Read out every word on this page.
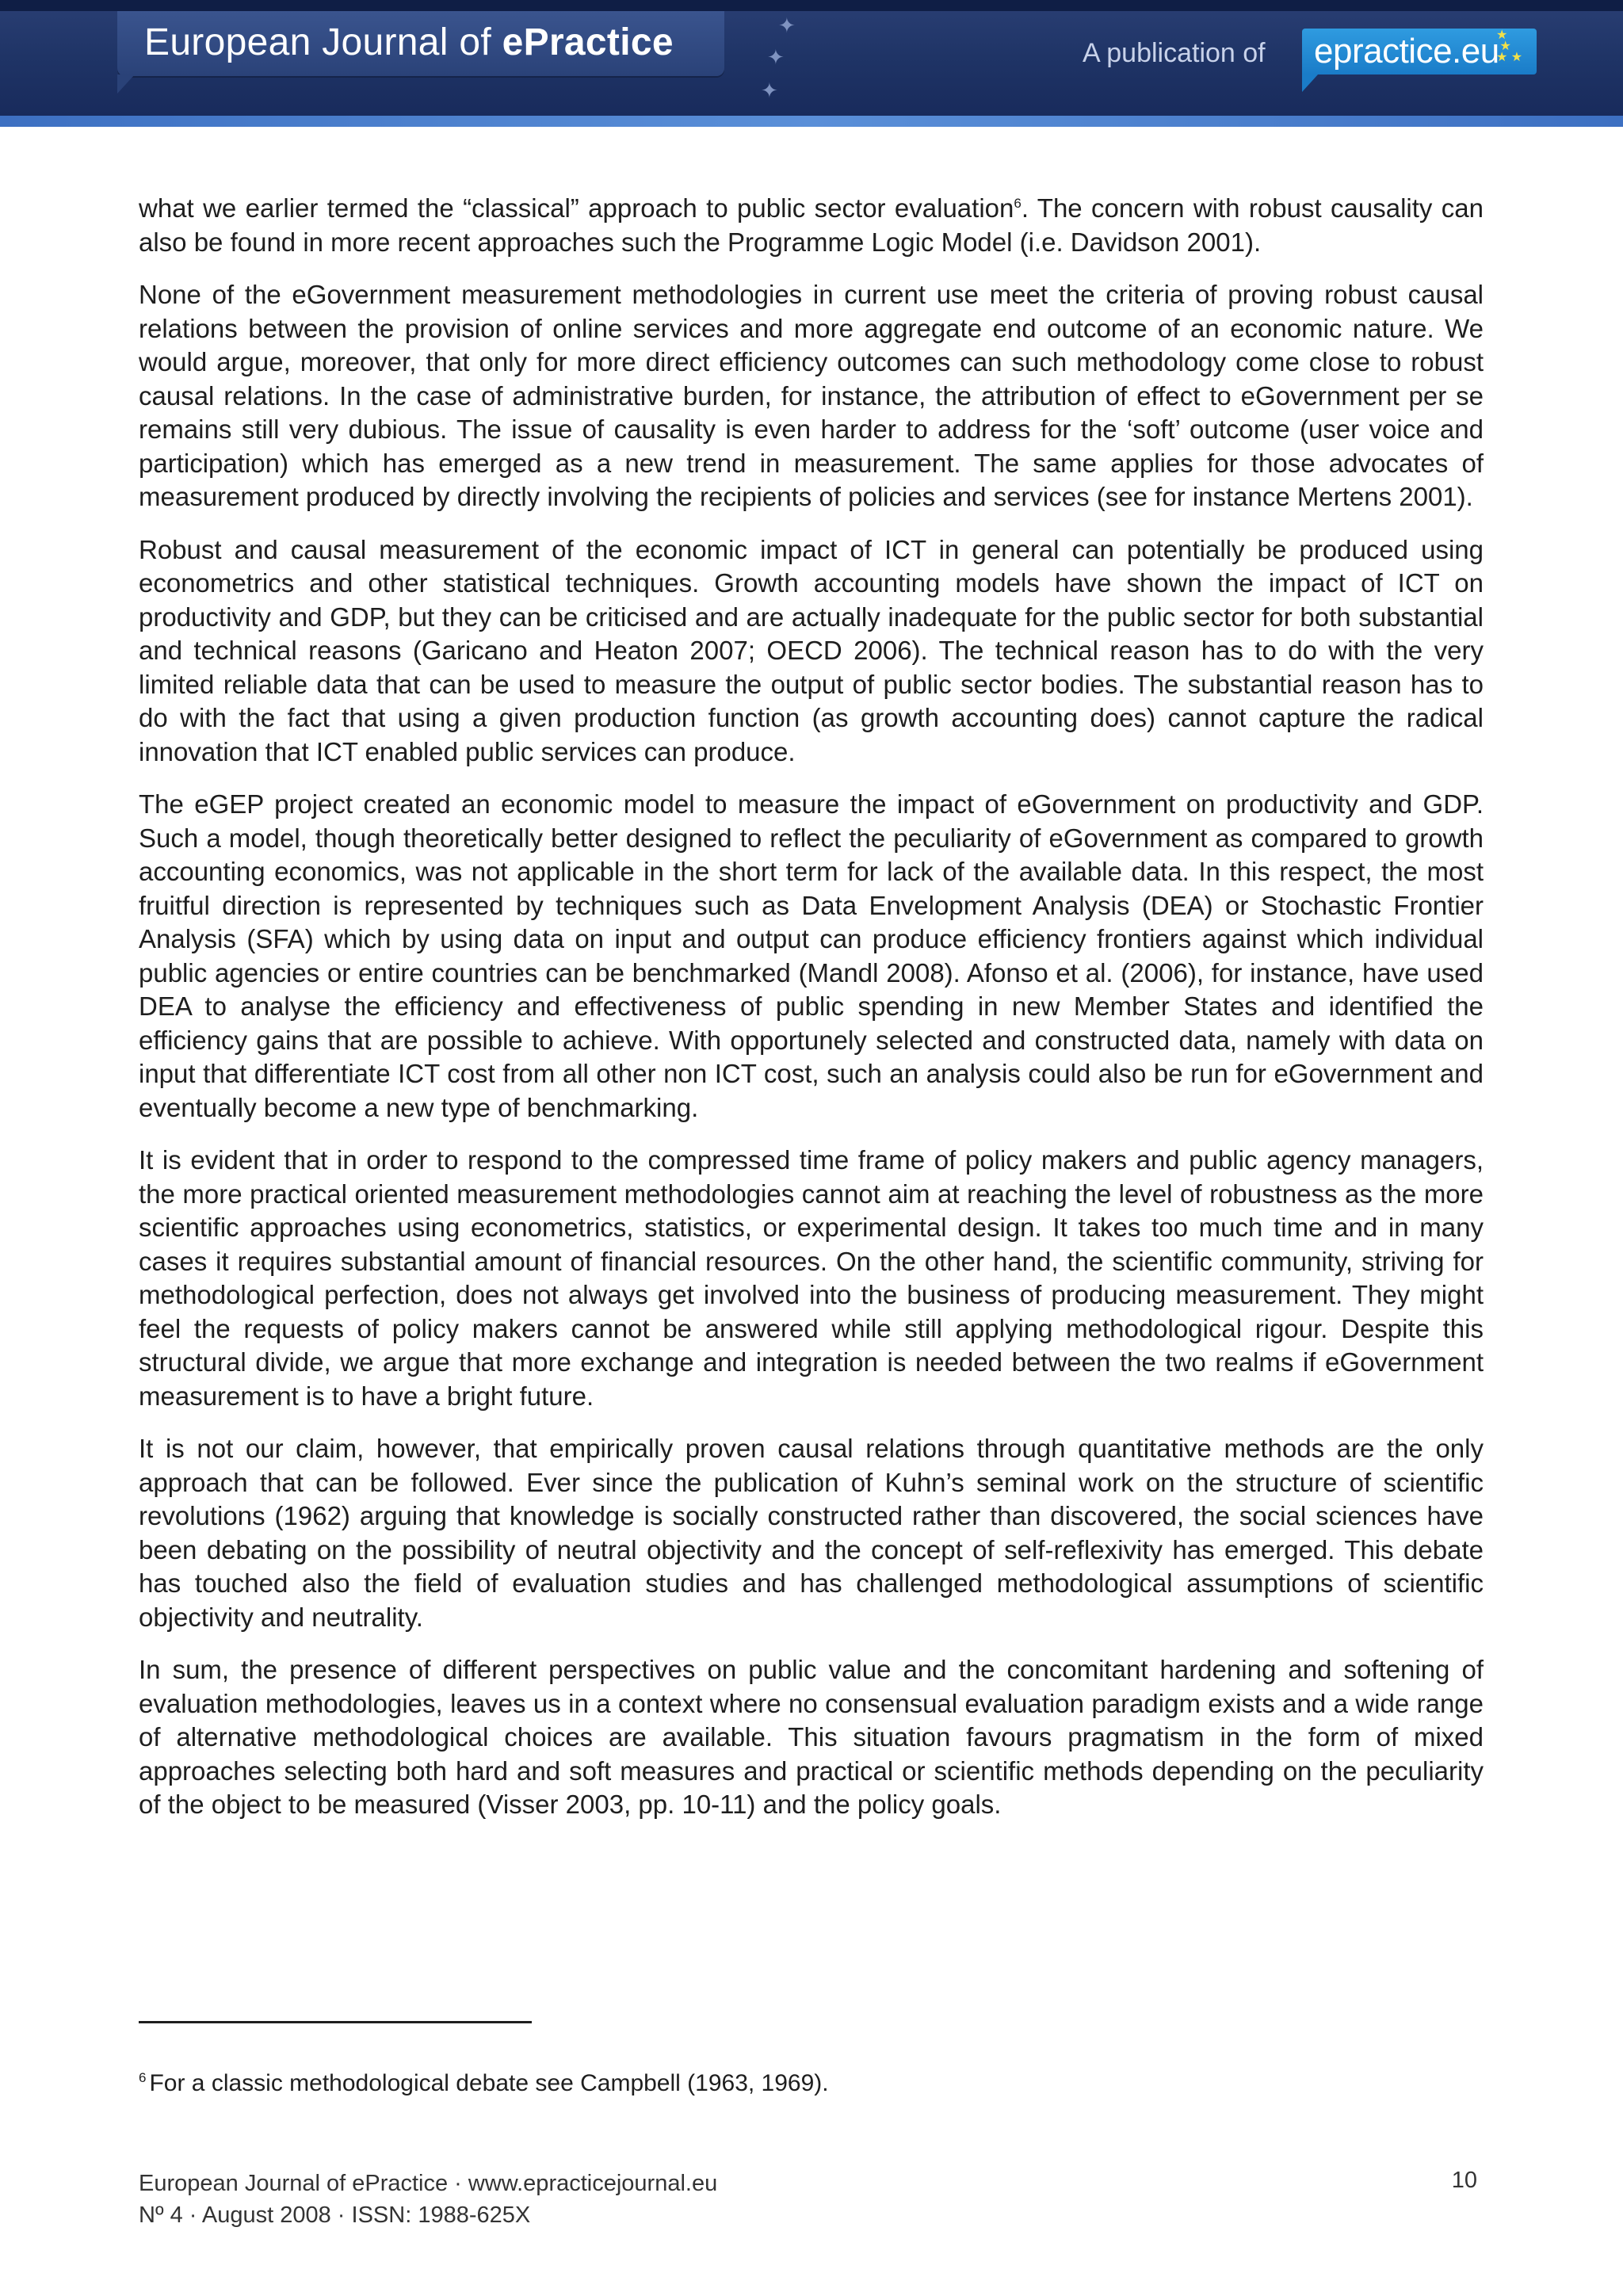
European Journal of ePractice	✦
✦
✦
A publication of epractice.eu
★
★
★ ★

what we earlier termed the “classical” approach to public sector evaluation$^6$. The concern with robust causality can also be found in more recent approaches such the Programme Logic Model (i.e. Davidson 2001).

None of the eGovernment measurement methodologies in current use meet the criteria of proving robust causal relations between the provision of online services and more aggregate end outcome of an economic nature. We would argue, moreover, that only for more direct efficiency outcomes can such methodology come close to robust causal relations. In the case of administrative burden, for instance, the attribution of effect to eGovernment per se remains still very dubious. The issue of causality is even harder to address for the ‘soft’ outcome (user voice and participation) which has emerged as a new trend in measurement. The same applies for those advocates of measurement produced by directly involving the recipients of policies and services (see for instance Mertens 2001).

Robust and causal measurement of the economic impact of ICT in general can potentially be produced using econometrics and other statistical techniques. Growth accounting models have shown the impact of ICT on productivity and GDP, but they can be criticised and are actually inadequate for the public sector for both substantial and technical reasons (Garicano and Heaton 2007; OECD 2006). The technical reason has to do with the very limited reliable data that can be used to measure the output of public sector bodies. The substantial reason has to do with the fact that using a given production function (as growth accounting does) cannot capture the radical innovation that ICT enabled public services can produce.

The eGEP project created an economic model to measure the impact of eGovernment on productivity and GDP. Such a model, though theoretically better designed to reflect the peculiarity of eGovernment as compared to growth accounting economics, was not applicable in the short term for lack of the available data. In this respect, the most fruitful direction is represented by techniques such as Data Envelopment Analysis (DEA) or Stochastic Frontier Analysis (SFA) which by using data on input and output can produce efficiency frontiers against which individual public agencies or entire countries can be benchmarked (Mandl 2008). Afonso et al. (2006), for instance, have used DEA to analyse the efficiency and effectiveness of public spending in new Member States and identified the efficiency gains that are possible to achieve. With opportunely selected and constructed data, namely with data on input that differentiate ICT cost from all other non ICT cost, such an analysis could also be run for eGovernment and eventually become a new type of benchmarking.

It is evident that in order to respond to the compressed time frame of policy makers and public agency managers, the more practical oriented measurement methodologies cannot aim at reaching the level of robustness as the more scientific approaches using econometrics, statistics, or experimental design. It takes too much time and in many cases it requires substantial amount of financial resources. On the other hand, the scientific community, striving for methodological perfection, does not always get involved into the business of producing measurement. They might feel the requests of policy makers cannot be answered while still applying methodological rigour. Despite this structural divide, we argue that more exchange and integration is needed between the two realms if eGovernment measurement is to have a bright future.

It is not our claim, however, that empirically proven causal relations through quantitative methods are the only approach that can be followed. Ever since the publication of Kuhn’s seminal work on the structure of scientific revolutions (1962) arguing that knowledge is socially constructed rather than discovered, the social sciences have been debating on the possibility of neutral objectivity and the concept of self-reflexivity has emerged. This debate has touched also the field of evaluation studies and has challenged methodological assumptions of scientific objectivity and neutrality.

In sum, the presence of different perspectives on public value and the concomitant hardening and softening of evaluation methodologies, leaves us in a context where no consensual evaluation paradigm exists and a wide range of alternative methodological choices are available. This situation favours pragmatism in the form of mixed approaches selecting both hard and soft measures and practical or scientific methods depending on the peculiarity of the object to be measured (Visser 2003, pp. 10-11) and the policy goals.

$^6$ For a classic methodological debate see Campbell (1963, 1969).
European Journal of ePractice · www.epracticejournal.eu
Nº 4 · August 2008 · ISSN: 1988-625X
10
